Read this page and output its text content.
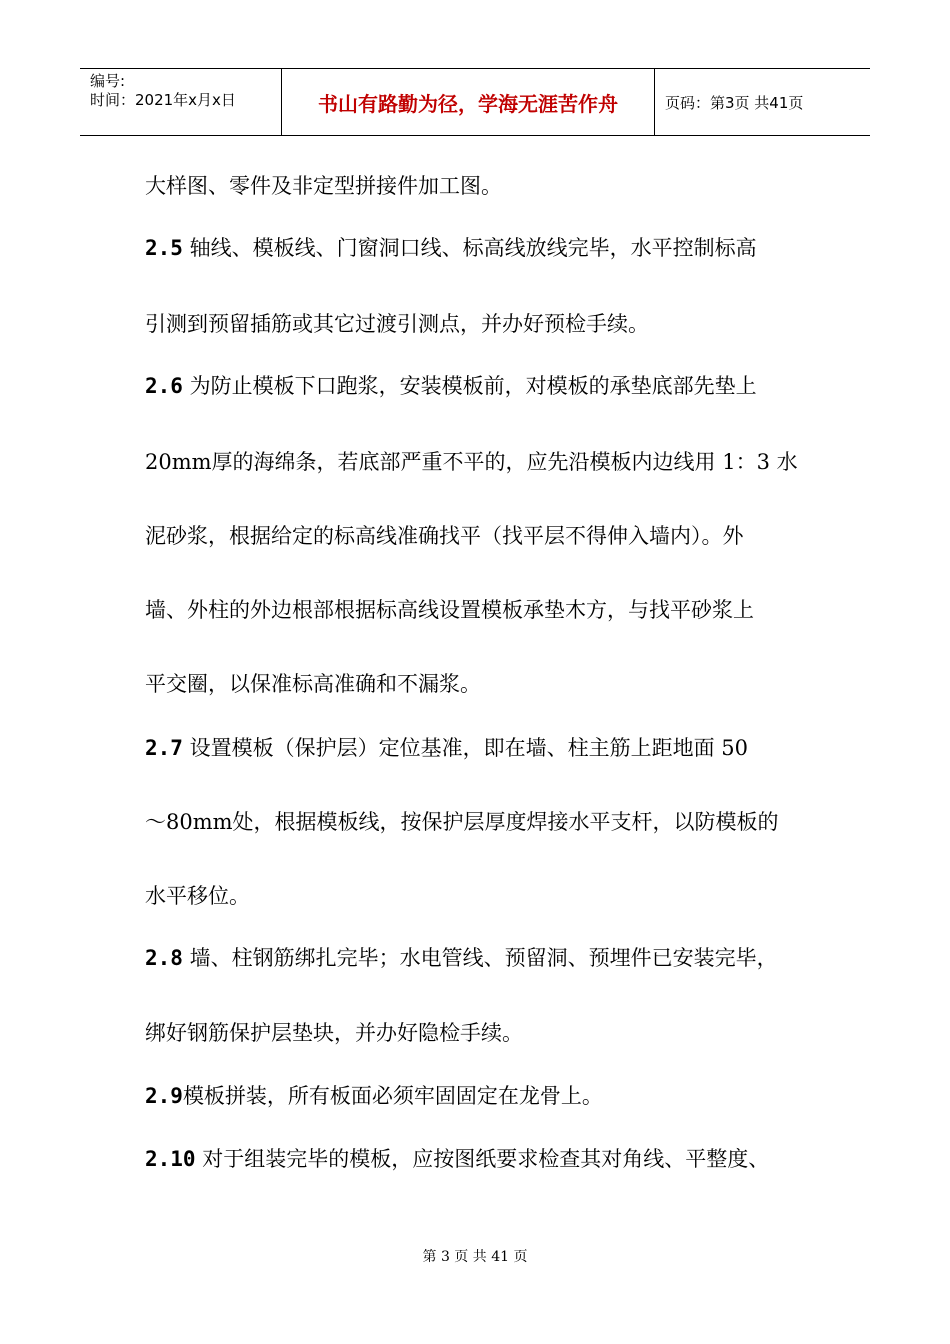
编号:
时间：2021年x月x日	书山有路勤为径，学海无涯苦作舟	页码：第3页 共41页
大样图、零件及非定型拼接件加工图。
2.5 轴线、模板线、门窗洞口线、标高线放线完毕，水平控制标高
引测到预留插筋或其它过渡引测点，并办好预检手续。
2.6 为防止模板下口跑浆，安装模板前，对模板的承垫底部先垫上
20mm厚的海绵条，若底部严重不平的，应先沿模板内边线用 1：3 水
泥砂浆，根据给定的标高线准确找平（找平层不得伸入墙内）。外
墙、外柱的外边根部根据标高线设置模板承垫木方，与找平砂浆上
平交圈，以保准标高准确和不漏浆。
2.7 设置模板（保护层）定位基准，即在墙、柱主筋上距地面 50
～80mm处，根据模板线，按保护层厚度焊接水平支杆，以防模板的
水平移位。
2.8 墙、柱钢筋绑扎完毕；水电管线、预留洞、预埋件已安装完毕，
绑好钢筋保护层垫块，并办好隐检手续。
2.9模板拼装，所有板面必须牢固固定在龙骨上。
2.10 对于组装完毕的模板，应按图纸要求检查其对角线、平整度、
第 3 页 共 41 页
